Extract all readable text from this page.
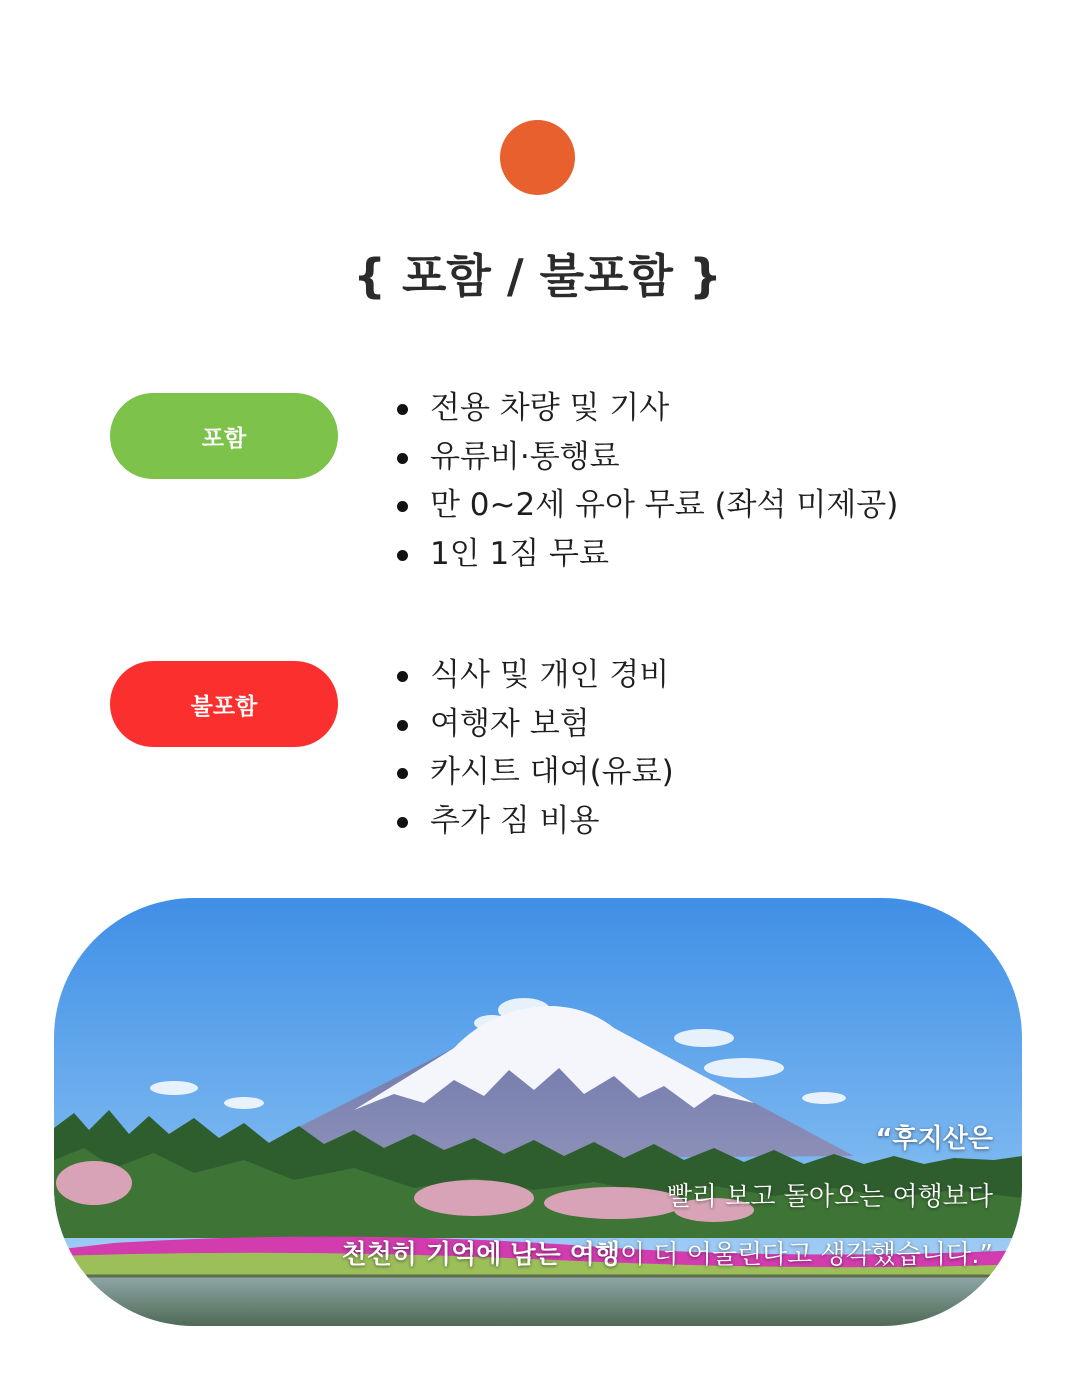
{ 포함 / 불포함 }
포함
전용 차량 및 기사
유류비·통행료
만 0~2세 유아 무료 (좌석 미제공)
1인 1짐 무료
불포함
식사 및 개인 경비
여행자 보험
카시트 대여(유료)
추가 짐 비용
“후지산은
빨리 보고 돌아오는 여행보다
천천히 기억에 남는 여행이 더 어울린다고 생각했습니다.”
